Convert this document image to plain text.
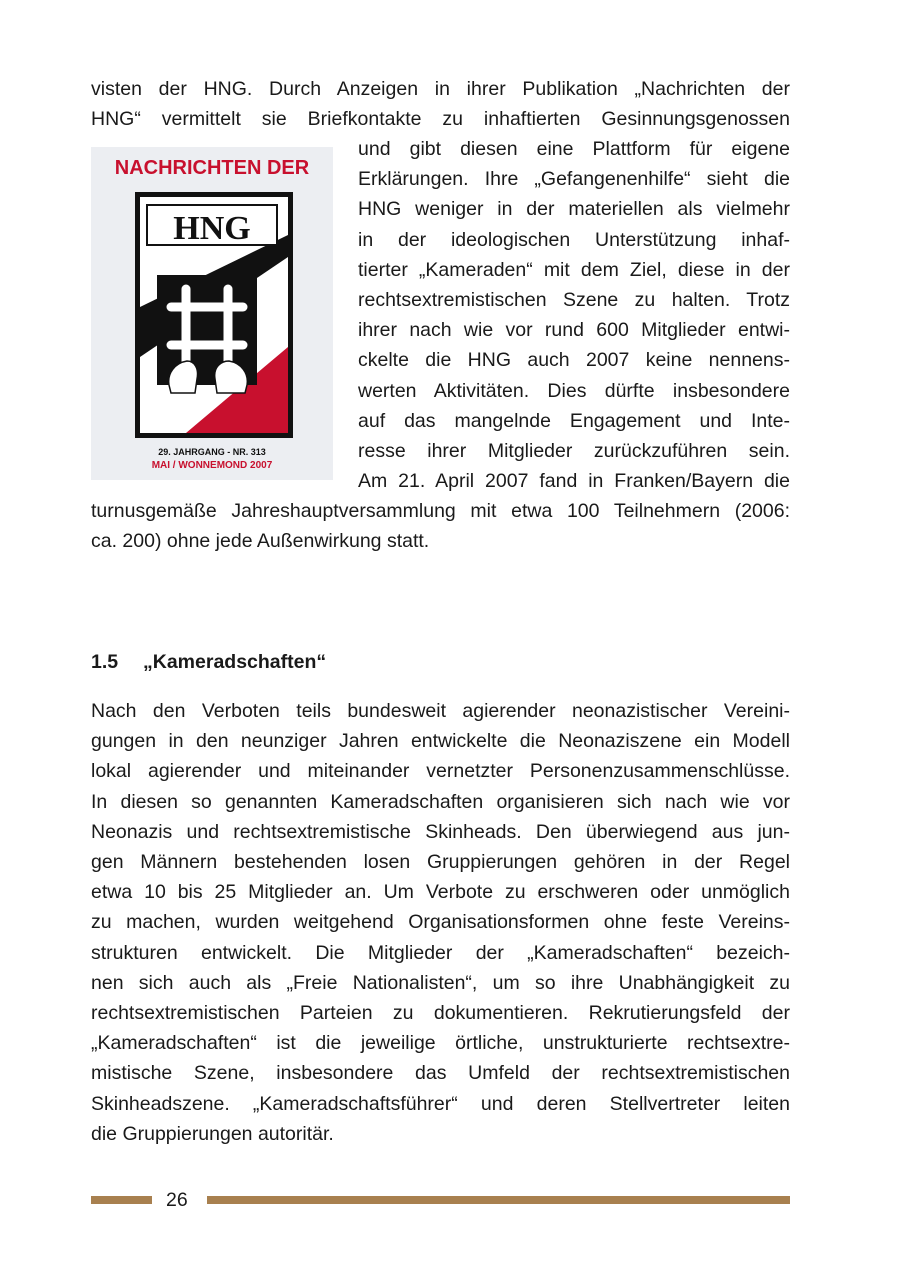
visten der HNG. Durch Anzeigen in ihrer Publikation „Nachrichten der
HNG“ vermittelt sie Briefkontakte zu inhaftierten Gesinnungsgenossen
NACHRICHTEN DER
HNG
29. JAHRGANG - NR. 313
MAI / WONNEMOND 2007
und gibt diesen eine Plattform für eigene
Erklärungen. Ihre „Gefangenenhilfe“ sieht die
HNG weniger in der materiellen als vielmehr
in der ideologischen Unterstützung inhaf-
tierter „Kameraden“ mit dem Ziel, diese in der
rechtsextremistischen Szene zu halten. Trotz
ihrer nach wie vor rund 600 Mitglieder entwi-
ckelte die HNG auch 2007 keine nennens-
werten Aktivitäten. Dies dürfte insbesondere
auf das mangelnde Engagement und Inte-
resse ihrer Mitglieder zurückzuführen sein.
Am 21. April 2007 fand in Franken/Bayern die
turnusgemäße Jahreshauptversammlung mit etwa 100 Teilnehmern (2006:
ca. 200) ohne jede Außenwirkung statt.
1.5 „Kameradschaften“
Nach den Verboten teils bundesweit agierender neonazistischer Vereini-
gungen in den neunziger Jahren entwickelte die Neonaziszene ein Modell
lokal agierender und miteinander vernetzter Personenzusammenschlüsse.
In diesen so genannten Kameradschaften organisieren sich nach wie vor
Neonazis und rechtsextremistische Skinheads. Den überwiegend aus jun-
gen Männern bestehenden losen Gruppierungen gehören in der Regel
etwa 10 bis 25 Mitglieder an. Um Verbote zu erschweren oder unmöglich
zu machen, wurden weitgehend Organisationsformen ohne feste Vereins-
strukturen entwickelt. Die Mitglieder der „Kameradschaften“ bezeich-
nen sich auch als „Freie Nationalisten“, um so ihre Unabhängigkeit zu
rechtsextremistischen Parteien zu dokumentieren. Rekrutierungsfeld der
„Kameradschaften“ ist die jeweilige örtliche, unstrukturierte rechtsextre-
mistische Szene, insbesondere das Umfeld der rechtsextremistischen
Skinheadszene. „Kameradschaftsführer“ und deren Stellvertreter leiten
die Gruppierungen autoritär.
26
